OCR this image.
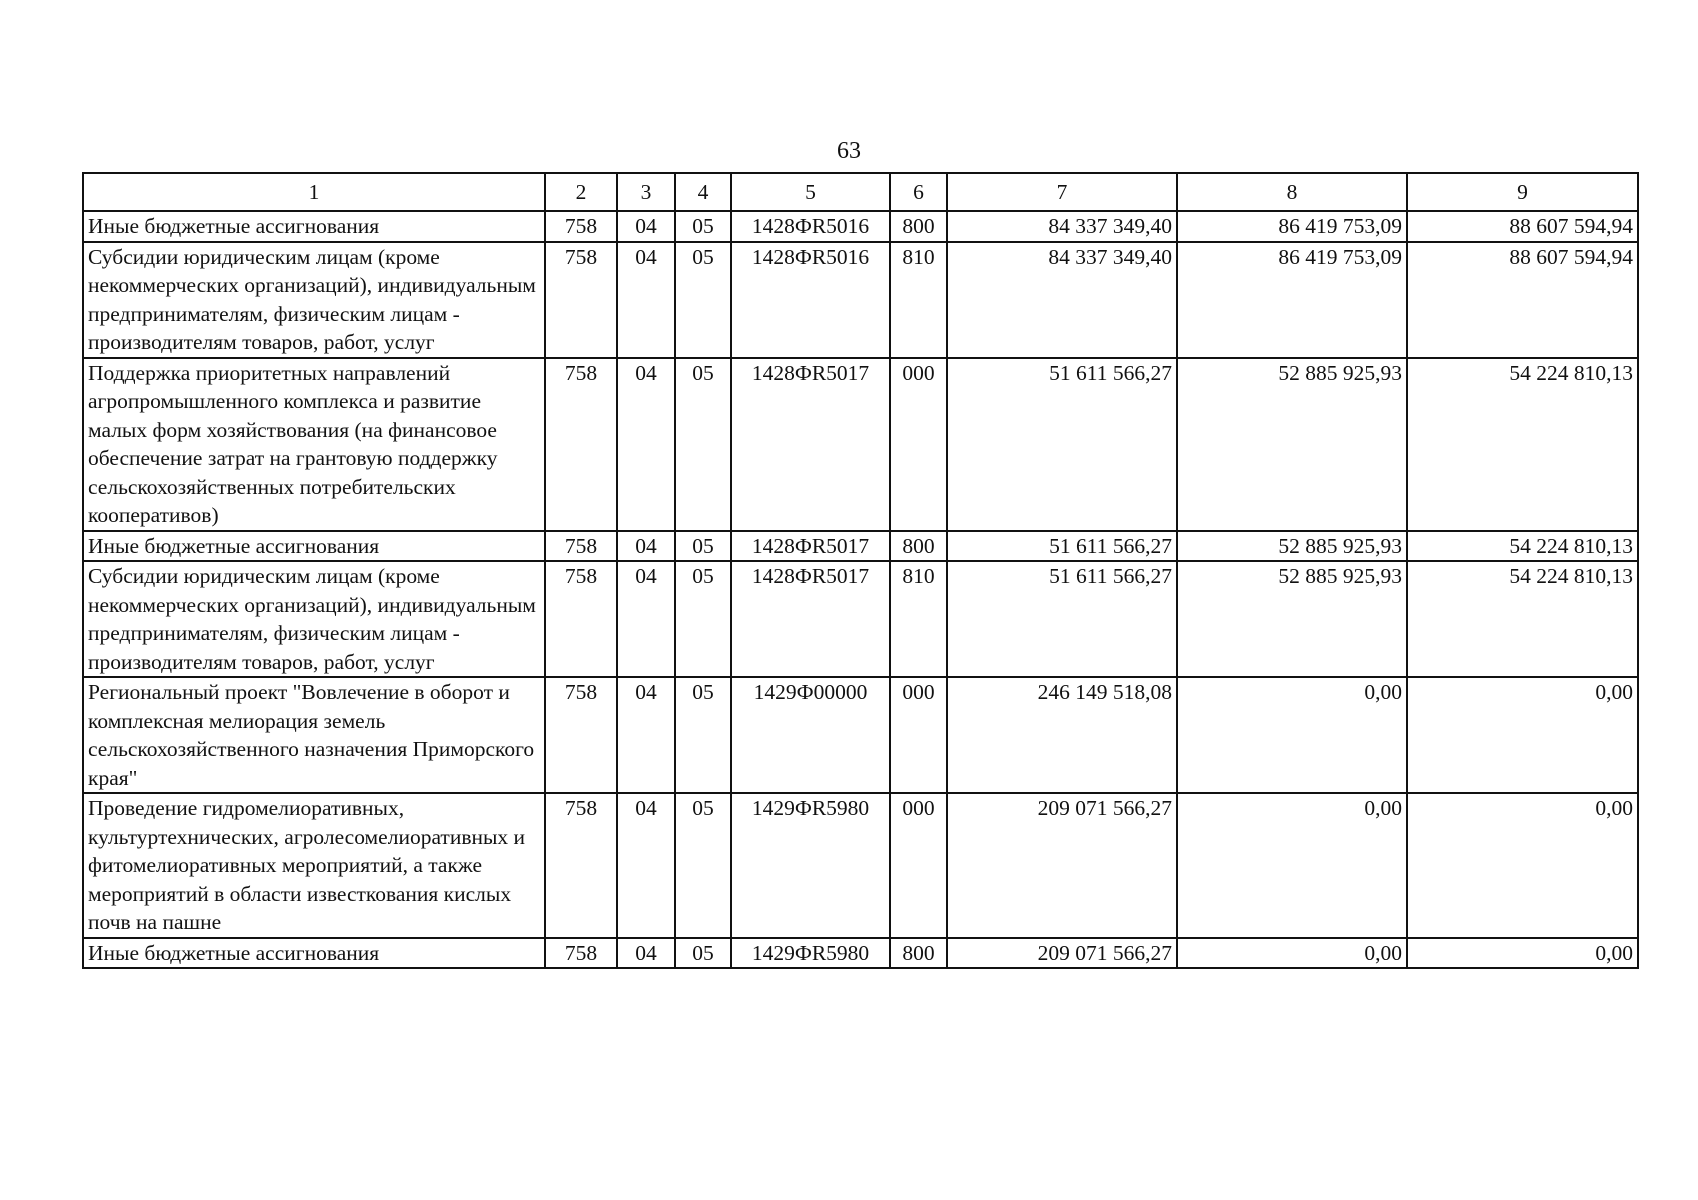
63
1	2	3	4	5	6	7	8	9
Иные бюджетные ассигнования	758	04	05	1428ФR5016	800	84 337 349,40	86 419 753,09	88 607 594,94
Субсидии юридическим лицам (кроме некоммерческих организаций), индивидуальным предпринимателям, физическим лицам - производителям товаров, работ, услуг	758	04	05	1428ФR5016	810	84 337 349,40	86 419 753,09	88 607 594,94
Поддержка приоритетных направлений агропромышленного комплекса и развитие малых форм хозяйствования (на финансовое обеспечение затрат на грантовую поддержку сельскохозяйственных потребительских кооперативов)	758	04	05	1428ФR5017	000	51 611 566,27	52 885 925,93	54 224 810,13
Иные бюджетные ассигнования	758	04	05	1428ФR5017	800	51 611 566,27	52 885 925,93	54 224 810,13
Субсидии юридическим лицам (кроме некоммерческих организаций), индивидуальным предпринимателям, физическим лицам - производителям товаров, работ, услуг	758	04	05	1428ФR5017	810	51 611 566,27	52 885 925,93	54 224 810,13
Региональный проект "Вовлечение в оборот и комплексная мелиорация земель сельскохозяйственного назначения Приморского края"	758	04	05	1429Ф00000	000	246 149 518,08	0,00	0,00
Проведение гидромелиоративных, культуртехнических, агролесомелиоративных и фитомелиоративных мероприятий, а также мероприятий в области известкования кислых почв на пашне	758	04	05	1429ФR5980	000	209 071 566,27	0,00	0,00
Иные бюджетные ассигнования	758	04	05	1429ФR5980	800	209 071 566,27	0,00	0,00
